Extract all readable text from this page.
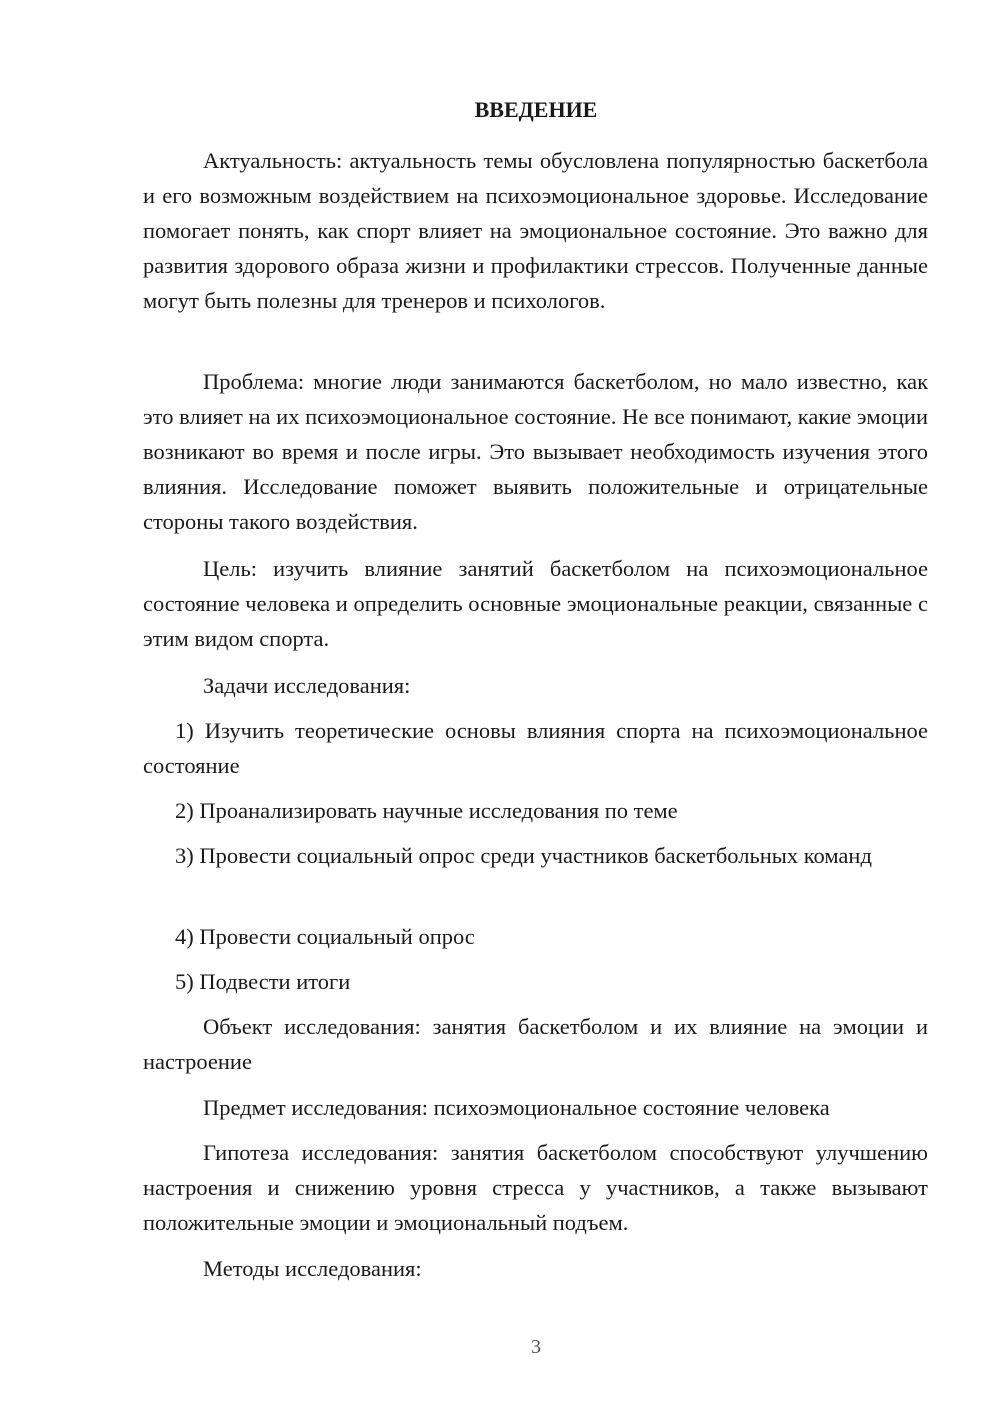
ВВЕДЕНИЕ

Актуальность: актуальность темы обусловлена популярностью баскетбола и его возможным воздействием на психоэмоциональное здоровье. Исследование помогает понять, как спорт влияет на эмоциональное состояние. Это важно для развития здорового образа жизни и профилактики стрессов. Полученные данные могут быть полезны для тренеров и психологов.

Проблема: многие люди занимаются баскетболом, но мало известно, как это влияет на их психоэмоциональное состояние. Не все понимают, какие эмоции возникают во время и после игры. Это вызывает необходимость изучения этого влияния. Исследование поможет выявить положительные и отрицательные стороны такого воздействия.

Цель: изучить влияние занятий баскетболом на психоэмоциональное состояние человека и определить основные эмоциональные реакции, связанные с этим видом спорта.

Задачи исследования:

1) Изучить теоретические основы влияния спорта на психоэмоциональное состояние

2) Проанализировать научные исследования по теме

3) Провести социальный опрос среди участников баскетбольных команд

4) Провести социальный опрос

5) Подвести итоги

Объект исследования: занятия баскетболом и их влияние на эмоции и настроение

Предмет исследования: психоэмоциональное состояние человека

Гипотеза исследования: занятия баскетболом способствуют улучшению настроения и снижению уровня стресса у участников, а также вызывают положительные эмоции и эмоциональный подъем.

Методы исследования:

3
